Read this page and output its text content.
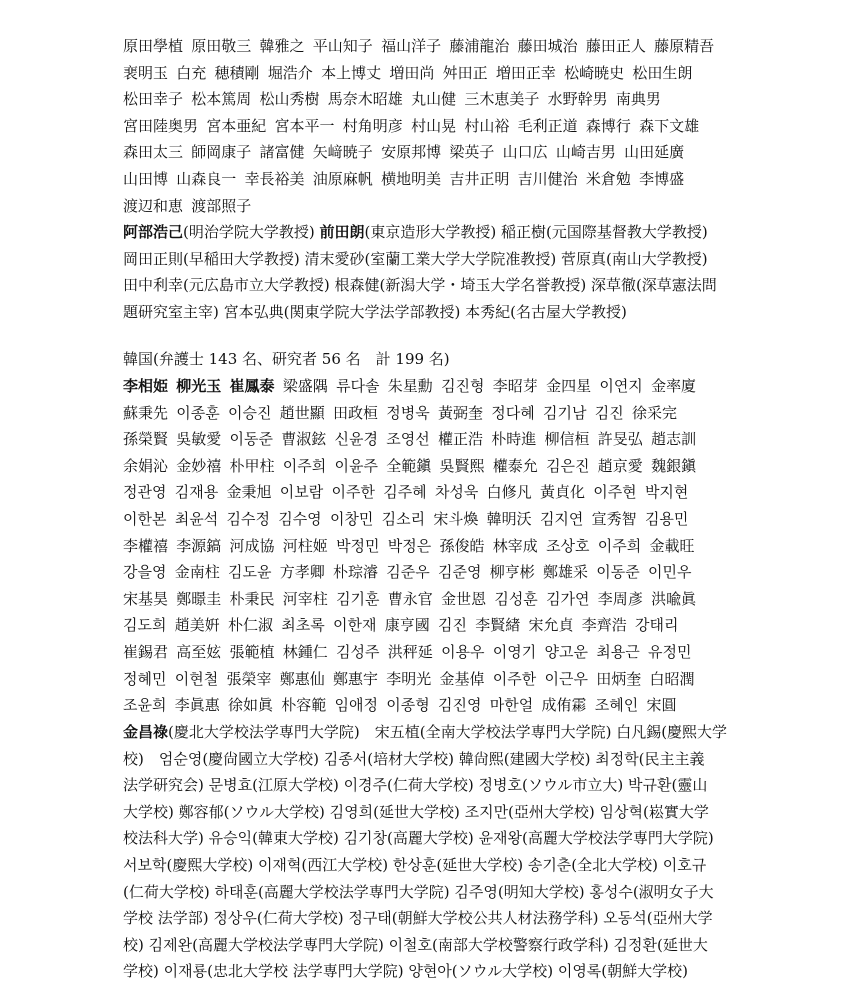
原田學植 原田敬三 韓雅之 平山知子 福山洋子 藤浦龍治 藤田城治 藤田正人 藤原精吾
裵明玉 白充 穂積剛 堀浩介 本上博丈 増田尚 舛田正 増田正幸 松崎暁史 松田生朗
松田幸子 松本篤周 松山秀樹 馬奈木昭雄 丸山健 三木恵美子 水野幹男 南典男
宮田陸奥男 宮本亜紀 宮本平一 村角明彦 村山晃 村山裕 毛利正道 森博行 森下文雄
森田太三 師岡康子 諸富健 矢﨑暁子 安原邦博 梁英子 山口広 山崎吉男 山田延廣
山田博 山森良一 幸長裕美 油原麻帆 横地明美 吉井正明 吉川健治 米倉勉 李博盛
渡辺和恵 渡部照子
阿部浩己(明治学院大学教授) 前田朗(東京造形大学教授) 稲正樹(元国際基督教大学教授)
岡田正則(早稲田大学教授) 清末愛砂(室蘭工業大学大学院准教授) 菅原真(南山大学教授)
田中利幸(元広島市立大学教授) 根森健(新潟大学・埼玉大学名誉教授) 深草徹(深草憲法問
題研究室主宰) 宮本弘典(関東学院大学法学部教授) 本秀紀(名古屋大学教授)
韓国(弁護士 143 名、研究者 56 名　計 199 名)
李相姫 柳光玉 崔鳳泰 梁盛隅 류다솔 朱星勳 김진형 李昭芽 金四星 이연지 金率廈
蘇秉先 이종훈 이승진 趙世顯 田政桓 정병욱 黃弼奎 정다혜 김기남 김진 徐采完
孫榮賢 吳敏愛 이동준 曹淑鉉 신윤경 조영선 權正浩 朴時進 柳信桓 許旻弘 趙志訓
余娟沁 金妙禧 朴甲柱 이주희 이윤주 全範鎭 吳賢熙 權泰允 김은진 趙京愛 魏銀鎭
정관영 김재용 金秉旭 이보람 이주한 김주혜 차성욱 白修凡 黃貞化 이주현 박지현
이한본 최윤석 김수정 김수영 이창민 김소리 宋斗煥 韓明沃 김지연 宣秀智 김용민
李權禧 李源鎬 河成協 河柱姬 박정민 박정은 孫俊皓 林宰成 조상호 이주희 金載旺
강을영 金南柱 김도윤 方孝卿 朴琮濬 김준우 김준영 柳亨彬 鄭雄采 이동준 이민우
宋基昊 鄭暻圭 朴秉民 河宰柱 김기훈 曹永官 金世恩 김성훈 김가연 李周彥 洪喩眞
김도희 趙美姸 朴仁淑 최초록 이한재 康亨國 김진 李賢緖 宋允貞 李齊浩 강태리
崔錫君 高至妶 張範植 林鍾仁 김성주 洪秤延 이용우 이영기 양고운 최용근 유정민
정혜민 이현철 張榮宰 鄭惠仙 鄭惠宇 李明光 金基倬 이주한 이근우 田炳奎 白昭潤
조윤희 李眞惠 徐如眞 朴容範 임애정 이종형 김진영 마한얼 成侑霦 조혜인 宋圓
金昌祿(慶北大学校法学専門大学院)　宋五植(全南大学校法学専門大学院) 白凡錫(慶熙大学
校)　엄순영(慶尙國立大学校) 김종서(培材大学校) 韓尙熙(建國大学校) 최정학(民主主義
法学研究会) 문병효(江原大学校) 이경주(仁荷大学校) 정병호(ソウル市立大) 박규환(靈山
大学校) 鄭容郁(ソウル大学校) 김영희(延世大学校) 조지만(亞州大学校) 임상혁(崧實大学
校法科大学) 유승익(韓東大学校) 김기창(高麗大学校) 윤재왕(高麗大学校法学専門大学院)
서보학(慶熙大学校) 이재혁(西江大学校) 한상훈(延世大学校) 송기춘(全北大学校) 이호규
(仁荷大学校) 하태훈(高麗大学校法学専門大学院) 김주영(明知大学校) 홍성수(淑明女子大
学校 法学部) 정상우(仁荷大学校) 정구태(朝鮮大学校公共人材法務学科) 오동석(亞州大学
校) 김제완(高麗大学校法学専門大学院) 이철호(南部大学校警察行政学科) 김정환(延世大
学校) 이재룡(忠北大学校 法学専門大学院) 양현아(ソウル大学校) 이영록(朝鮮大学校)
